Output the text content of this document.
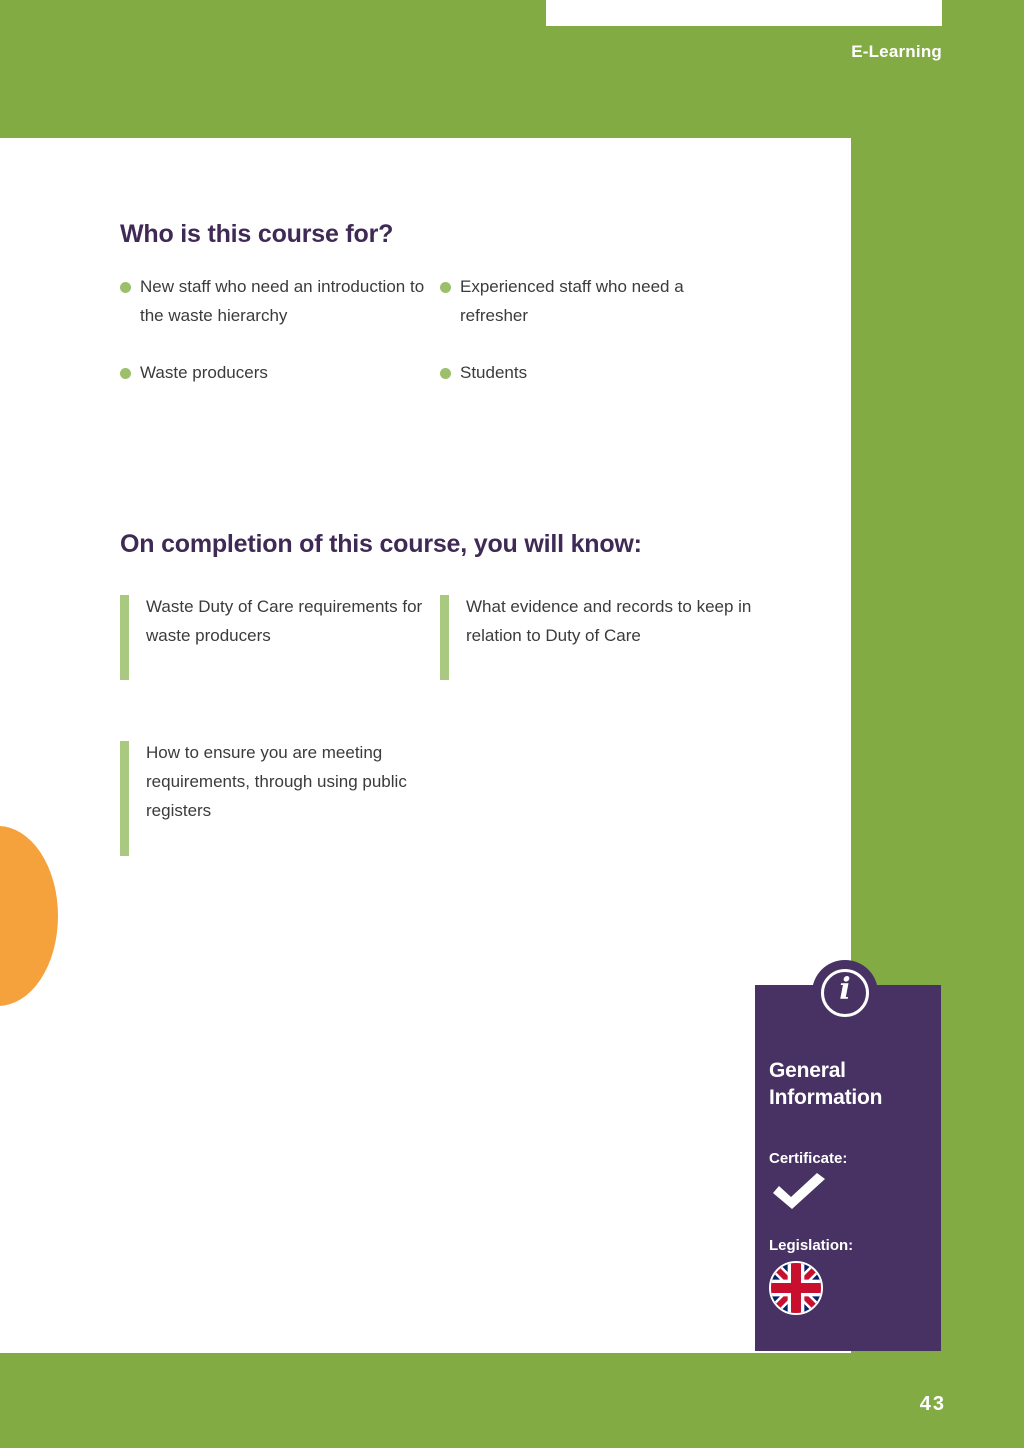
E-Learning
Who is this course for?
New staff who need an introduction to the waste hierarchy
Waste producers
Experienced staff who need a refresher
Students
On completion of this course, you will know:
Waste Duty of Care requirements for waste producers
What evidence and records to keep in relation to Duty of Care
How to ensure you are meeting requirements, through using public registers
General Information
Certificate:
Legislation:
i
43
